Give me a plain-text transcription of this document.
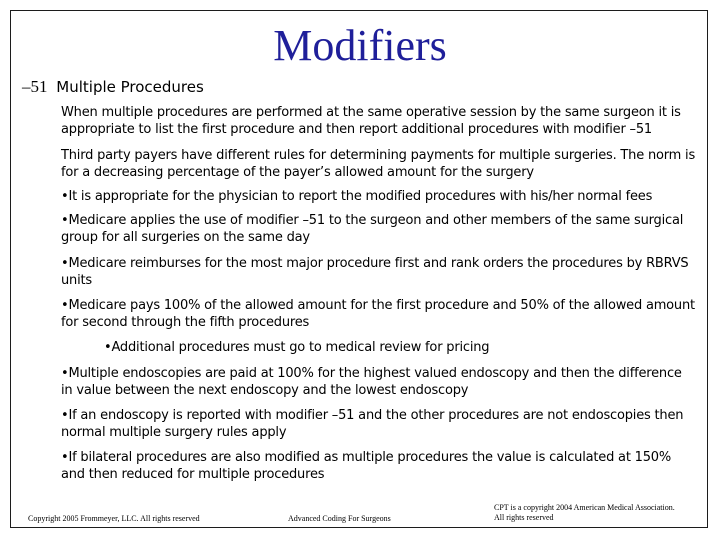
Modifiers
–51 Multiple Procedures

When multiple procedures are performed at the same operative session by the same surgeon it is appropriate to list the first procedure and then report additional procedures with modifier –51

Third party payers have different rules for determining payments for multiple surgeries. The norm is for a decreasing percentage of the payer’s allowed amount for the surgery

•It is appropriate for the physician to report the modified procedures with his/her normal fees

•Medicare applies the use of modifier –51 to the surgeon and other members of the same surgical group for all surgeries on the same day

•Medicare reimburses for the most major procedure first and rank orders the procedures by RBRVS units

•Medicare pays 100% of the allowed amount for the first procedure and 50% of the allowed amount for second through the fifth procedures

•Additional procedures must go to medical review for pricing

•Multiple endoscopies are paid at 100% for the highest valued endoscopy and then the difference in value between the next endoscopy and the lowest endoscopy

•If an endoscopy is reported with modifier –51 and the other procedures are not endoscopies then normal multiple surgery rules apply

•If bilateral procedures are also modified as multiple procedures the value is calculated at 150% and then reduced for multiple procedures

Copyright 2005 Frommeyer, LLC. All rights reserved	Advanced Coding For Surgeons
CPT is a copyright 2004 American Medical Association.
All rights reserved
